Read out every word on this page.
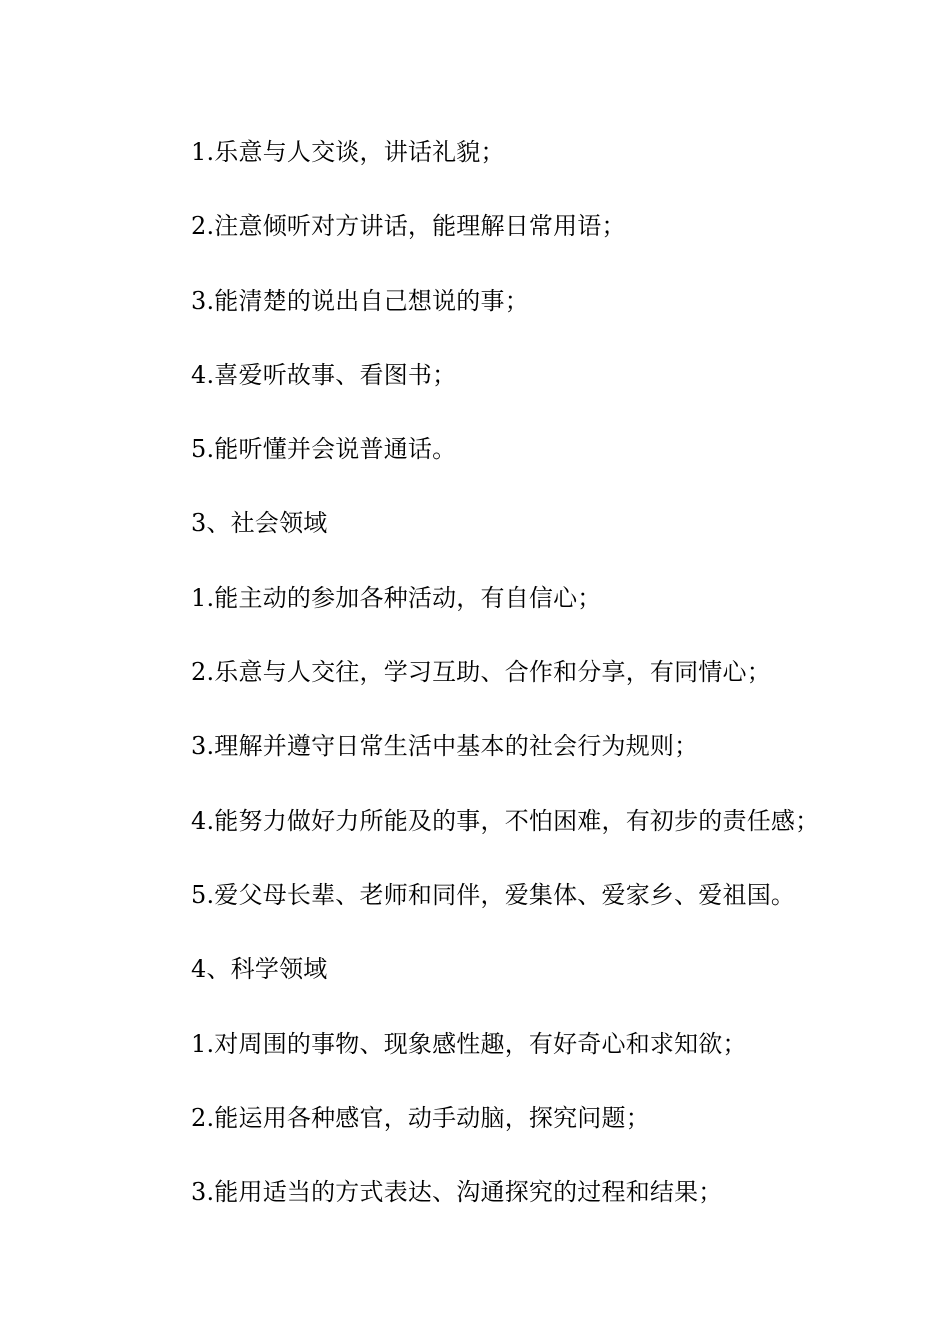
1.乐意与人交谈，讲话礼貌；
2.注意倾听对方讲话，能理解日常用语；
3.能清楚的说出自己想说的事；
4.喜爱听故事、看图书；
5.能听懂并会说普通话。
3、社会领域
1.能主动的参加各种活动，有自信心；
2.乐意与人交往，学习互助、合作和分享，有同情心；
3.理解并遵守日常生活中基本的社会行为规则；
4.能努力做好力所能及的事，不怕困难，有初步的责任感；
5.爱父母长辈、老师和同伴，爱集体、爱家乡、爱祖国。
4、科学领域
1.对周围的事物、现象感性趣，有好奇心和求知欲；
2.能运用各种感官，动手动脑，探究问题；
3.能用适当的方式表达、沟通探究的过程和结果；
